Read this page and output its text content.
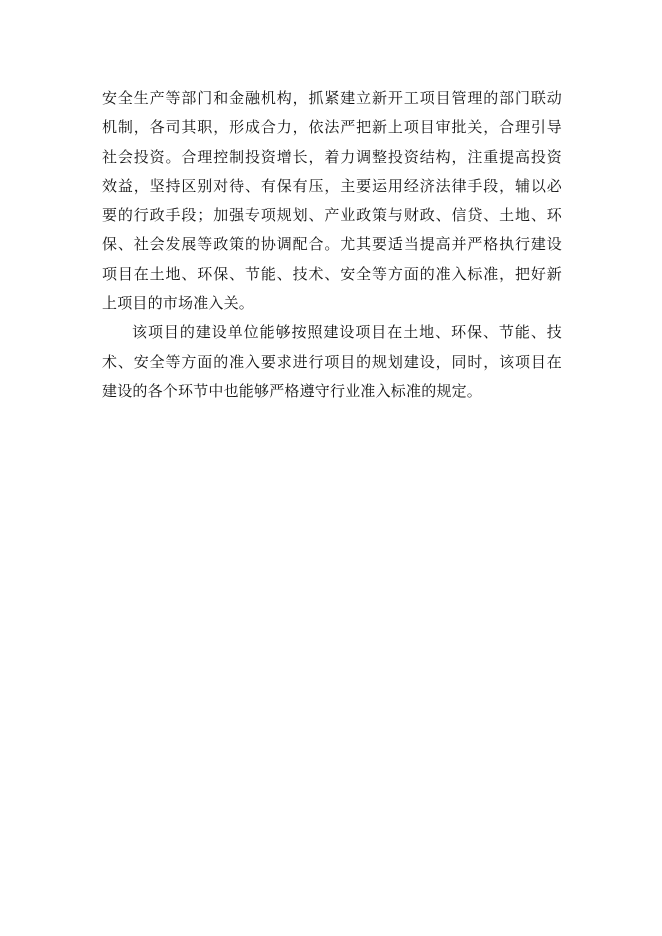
安全生产等部门和金融机构，抓紧建立新开工项目管理的部门联动
机制，各司其职，形成合力，依法严把新上项目审批关，合理引导
社会投资。合理控制投资增长，着力调整投资结构，注重提高投资
效益，坚持区别对待、有保有压，主要运用经济法律手段，辅以必
要的行政手段；加强专项规划、产业政策与财政、信贷、土地、环
保、社会发展等政策的协调配合。尤其要适当提高并严格执行建设
项目在土地、环保、节能、技术、安全等方面的准入标准，把好新
上项目的市场准入关。
该项目的建设单位能够按照建设项目在土地、环保、节能、技
术、安全等方面的准入要求进行项目的规划建设，同时，该项目在
建设的各个环节中也能够严格遵守行业准入标准的规定。
